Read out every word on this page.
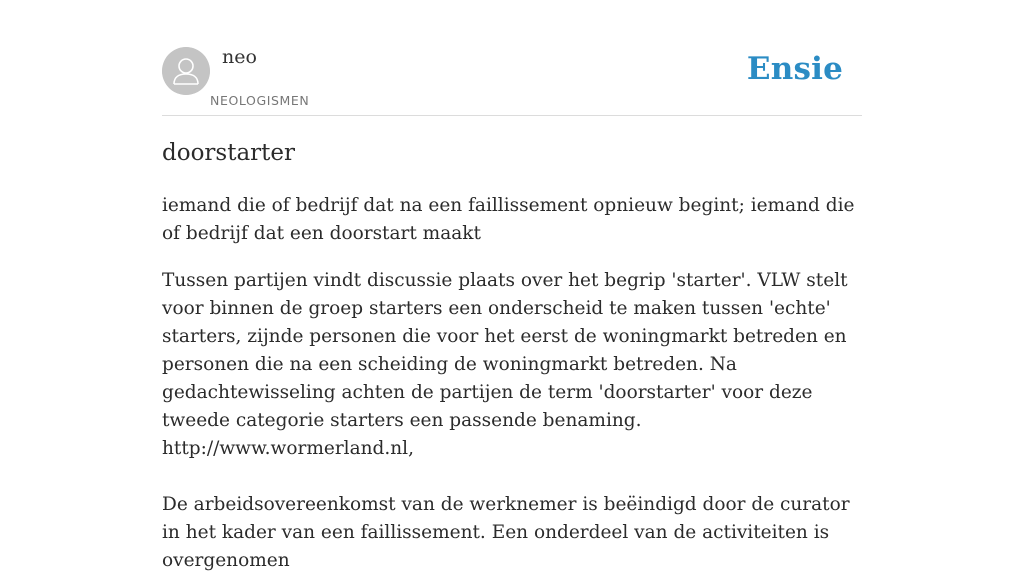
neo
NEOLOGISMEN
Ensie
doorstarter
iemand die of bedrijf dat na een faillissement opnieuw begint; iemand die of bedrijf dat een doorstart maakt
Tussen partijen vindt discussie plaats over het begrip 'starter'. VLW stelt voor binnen de groep starters een onderscheid te maken tussen 'echte' starters, zijnde personen die voor het eerst de woningmarkt betreden en personen die na een scheiding de woningmarkt betreden. Na gedachtewisseling achten de partijen de term 'doorstarter' voor deze tweede categorie starters een passende benaming. http://www.wormerland.nl,

De arbeidsovereenkomst van de werknemer is beëindigd door de curator in het kader van een faillissement. Een onderdeel van de activiteiten is overgenomen
